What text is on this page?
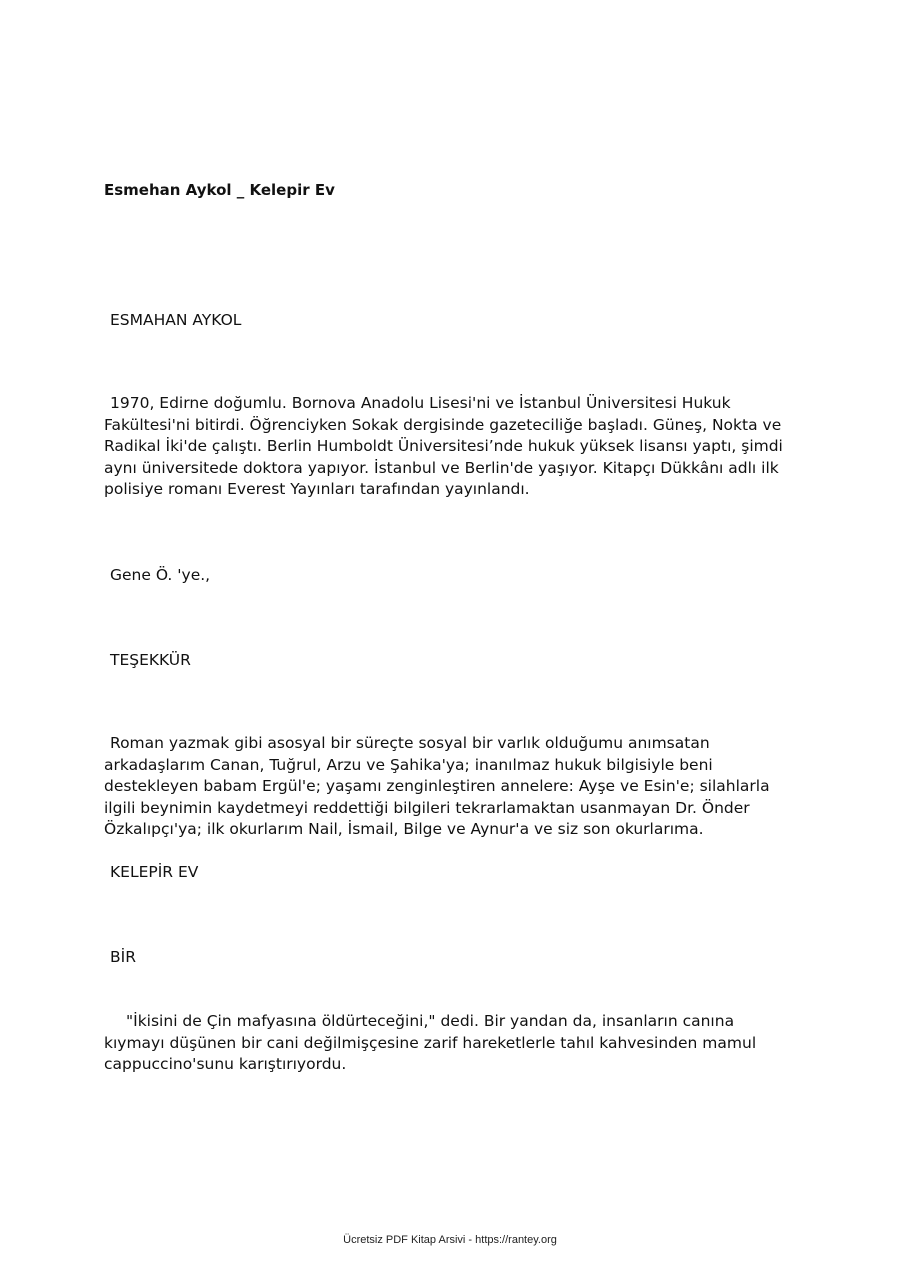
Esmehan Aykol _ Kelepir Ev

ESMAHAN AYKOL

1970, Edirne doğumlu. Bornova Anadolu Lisesi'ni ve İstanbul Üniversitesi Hukuk Fakültesi'ni bitirdi. Öğrenciyken Sokak dergisinde gazeteciliğe başladı. Güneş, Nokta ve Radikal İki'de çalıştı. Berlin Humboldt Üniversitesi’nde hukuk yüksek lisansı yaptı, şimdi aynı üniversitede doktora yapıyor. İstanbul ve Berlin'de yaşıyor. Kitapçı Dükkânı adlı ilk polisiye romanı Everest Yayınları tarafından yayınlandı.

Gene Ö. 'ye.,

TEŞEKKÜR

Roman yazmak gibi asosyal bir süreçte sosyal bir varlık olduğumu anımsatan arkadaşlarım Canan, Tuğrul, Arzu ve Şahika'ya; inanılmaz hukuk bilgisiyle beni destekleyen babam Ergül'e; yaşamı zenginleştiren annelere: Ayşe ve Esin'e; silahlarla ilgili beynimin kaydetmeyi reddettiği bilgileri tekrarlamaktan usanmayan Dr. Önder Özkalıpçı'ya; ilk okurlarım Nail, İsmail, Bilge ve Aynur'a ve siz son okurlarıma.

KELEPİR EV

BİR

"İkisini de Çin mafyasına öldürteceğini," dedi. Bir yandan da, insanların canına kıymayı düşünen bir cani değilmişçesine zarif hareketlerle tahıl kahvesinden mamul cappuccino'sunu karıştırıyordu.

Ücretsiz PDF Kitap Arsivi - https://rantey.org
